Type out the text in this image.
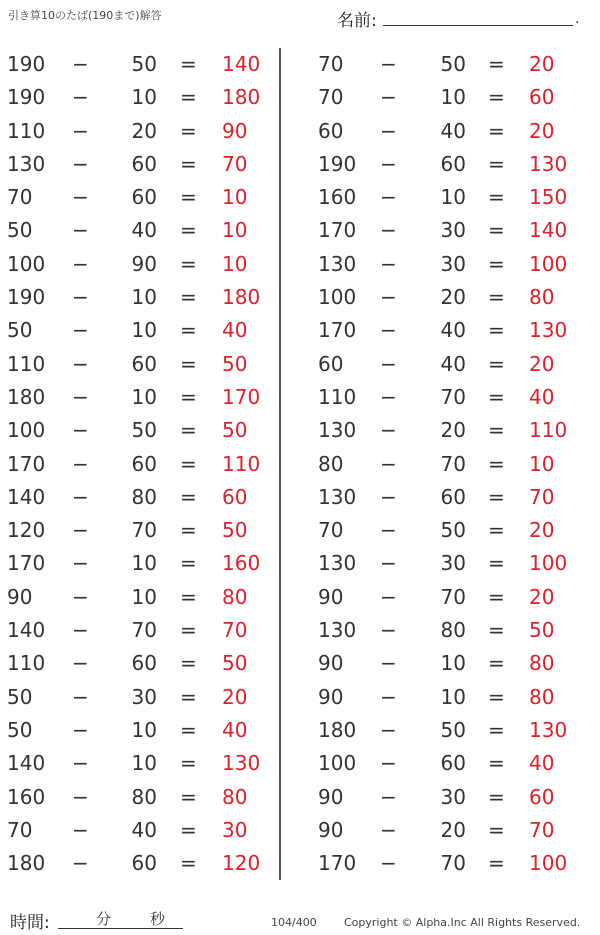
引き算10のたば(190まで)解答	名前:	.
190	−	50 = 140
190	−	10 = 180
110	−	20 = 90
130	−	60 = 70
70	−	60 = 10
50	−	40 = 10
100	−	90 = 10
190	−	10 = 180
50	−	10 = 40
110	−	60 = 50
180	−	10 = 170
100	−	50 = 50
170	−	60 = 110
140	−	80 = 60
120	−	70 = 50
170	−	10 = 160
90	−	10 = 80
140	−	70 = 70
110	−	60 = 50
50	−	30 = 20
50	−	10 = 40
140	−	10 = 130
160	−	80 = 80
70	−	40 = 30
180	−	60 = 120
70	−	50 = 20
70	−	10 = 60
60	−	40 = 20
190	−	60 = 130
160	−	10 = 150
170	−	30 = 140
130	−	30 = 100
100	−	20 = 80
170	−	40 = 130
60	−	40 = 20
110	−	70 = 40
130	−	20 = 110
80	−	70 = 10
130	−	60 = 70
70	−	50 = 20
130	−	30 = 100
90	−	70 = 20
130	−	80 = 50
90	−	10 = 80
90	−	10 = 80
180	−	50 = 130
100	−	60 = 40
90	−	30 = 60
90	−	20 = 70
170	−	70 = 100
時間:	分	秒	104/400 Copyright © Alpha.Inc All Rights Reserved.
